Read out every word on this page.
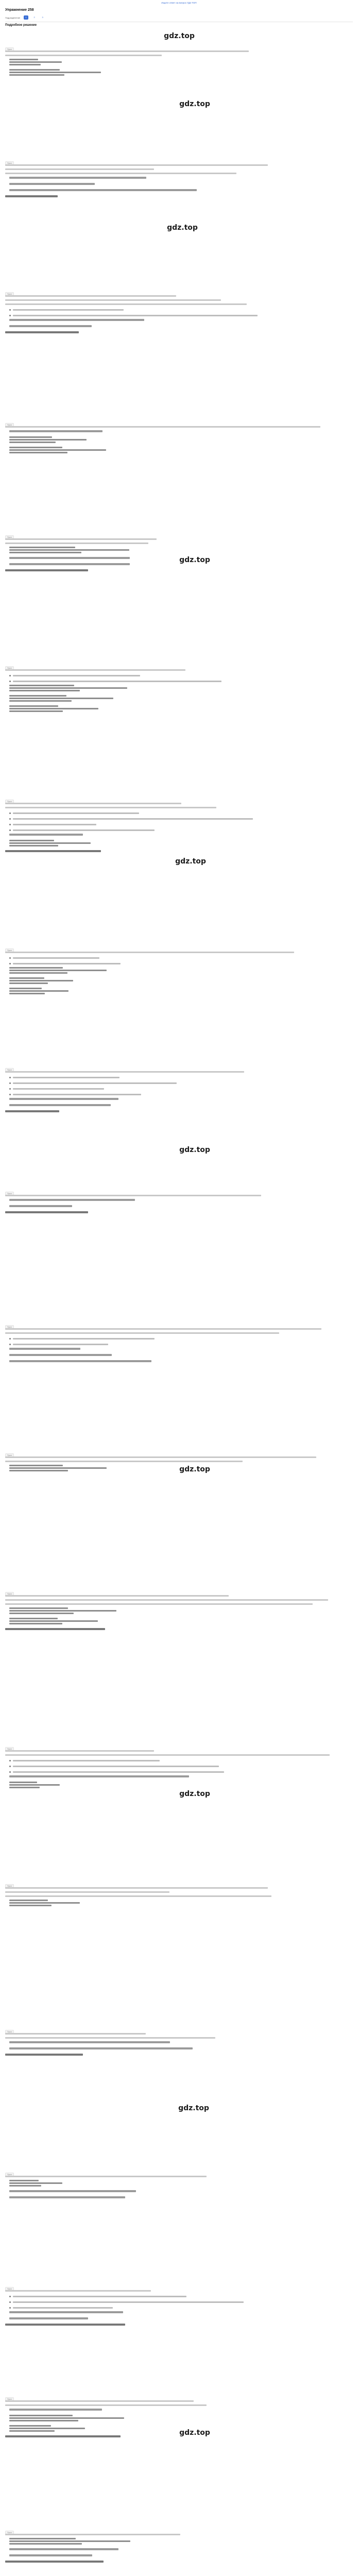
Ищите ответ на вопрос ГДЗ ТОП
Упражнение 258
Подразделение	1	2	3
Подробное решение
gdz.top
gdz.top
gdz.top
gdz.top
gdz.top
gdz.top
gdz.top
gdz.top
gdz.top
gdz.top
Пункт
Пункт
Пункт
Пункт
Пункт
Пункт
Пункт
Пункт
Пункт
Пункт
Пункт
Пункт
Пункт
Пункт
Пункт
Пункт
Пункт
Пункт
Пункт
Пункт
